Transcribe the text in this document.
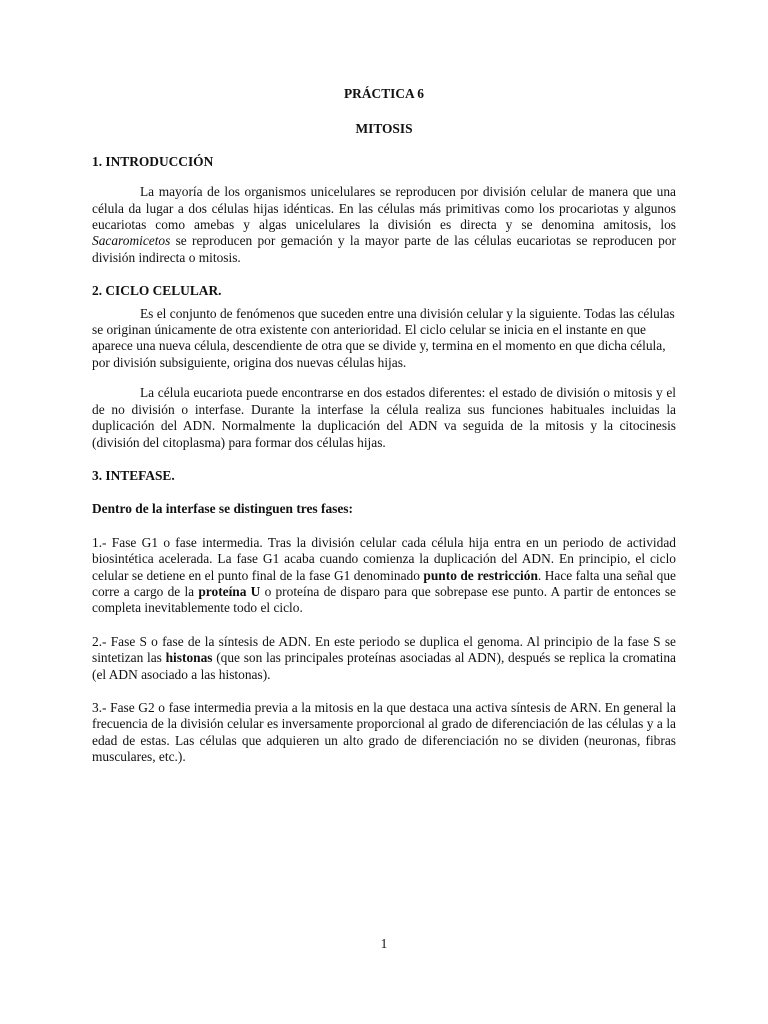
PRÁCTICA 6

MITOSIS

1. INTRODUCCIÓN

La mayoría de los organismos unicelulares se reproducen por división celular de manera que una célula da lugar a dos células hijas idénticas. En las células más primitivas como los procariotas y algunos eucariotas como amebas y algas unicelulares la división es directa y se denomina amitosis, los Sacaromicetos se reproducen por gemación y la mayor parte de las células eucariotas se reproducen por división indirecta o mitosis.

2. CICLO CELULAR.

Es el conjunto de fenómenos que suceden entre una división celular y la siguiente. Todas las células se originan únicamente de otra existente con anterioridad. El ciclo celular se inicia en el instante en que aparece una nueva célula, descendiente de otra que se divide y, termina en el momento en que dicha célula, por división subsiguiente, origina dos nuevas células hijas.

La célula eucariota puede encontrarse en dos estados diferentes: el estado de división o mitosis y el de no división o interfase. Durante la interfase la célula realiza sus funciones habituales incluidas la duplicación del ADN. Normalmente la duplicación del ADN va seguida de la mitosis y la citocinesis (división del citoplasma) para formar dos células hijas.

3. INTEFASE.
Dentro de la interfase se distinguen tres fases:

1.- Fase G1 o fase intermedia. Tras la división celular cada célula hija entra en un periodo de actividad biosintética acelerada. La fase G1 acaba cuando comienza la duplicación del ADN. En principio, el ciclo celular se detiene en el punto final de la fase G1 denominado punto de restricción. Hace falta una señal que corre a cargo de la proteína U o proteína de disparo para que sobrepase ese punto. A partir de entonces se completa inevitablemente todo el ciclo.

2.- Fase S o fase de la síntesis de ADN. En este periodo se duplica el genoma. Al principio de la fase S se sintetizan las histonas (que son las principales proteínas asociadas al ADN), después se replica la cromatina (el ADN asociado a las histonas).

3.- Fase G2 o fase intermedia previa a la mitosis en la que destaca una activa síntesis de ARN. En general la frecuencia de la división celular es inversamente proporcional al grado de diferenciación de las células y a la edad de estas. Las células que adquieren un alto grado de diferenciación no se dividen (neuronas, fibras musculares, etc.).

1
